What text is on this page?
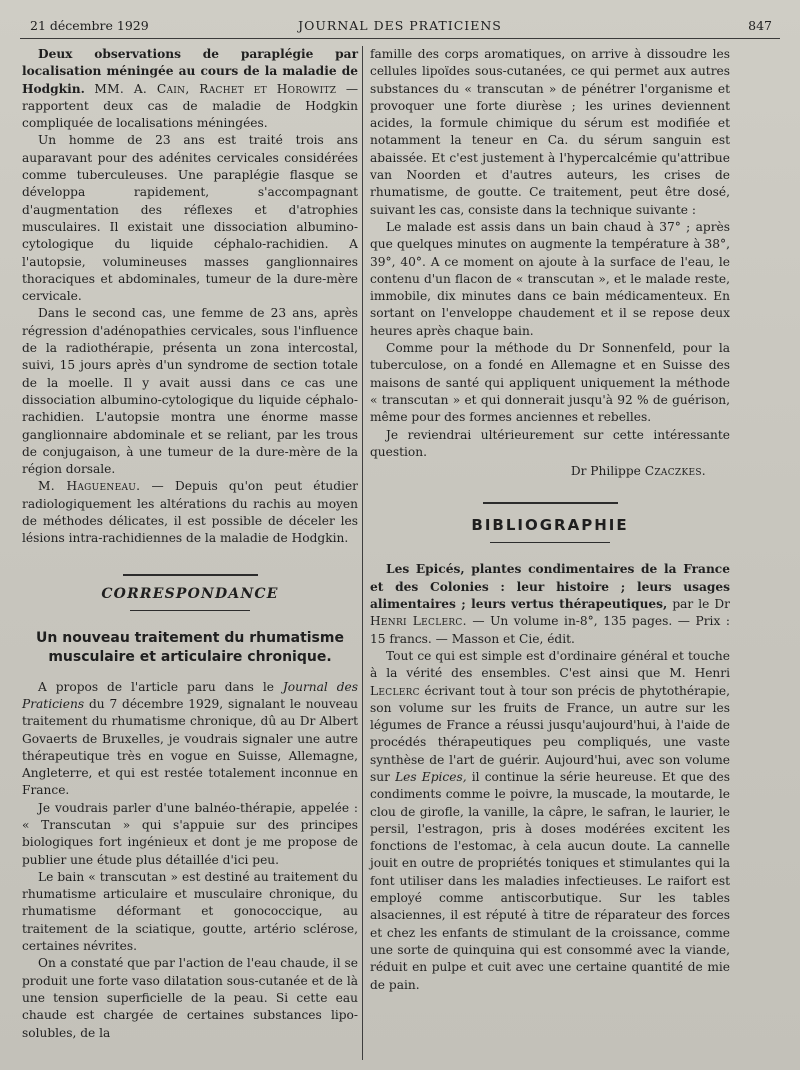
21 décembre 1929	JOURNAL DES PRATICIENS	847

Deux observations de paraplégie par localisation méningée au cours de la maladie de Hodgkin. MM. A. Cain, Rachet et Horowitz — rapportent deux cas de maladie de Hodgkin compliquée de localisations méningées.

Un homme de 23 ans est traité trois ans auparavant pour des adénites cervicales considérées comme tuberculeuses. Une paraplégie flasque se développa rapidement, s'accompagnant d'augmentation des réflexes et d'atrophies musculaires. Il existait une dissociation albumino-cytologique du liquide céphalo-rachidien. A l'autopsie, volumineuses masses ganglionnaires thoraciques et abdominales, tumeur de la dure-mère cervicale.

Dans le second cas, une femme de 23 ans, après régression d'adénopathies cervicales, sous l'influence de la radiothérapie, présenta un zona intercostal, suivi, 15 jours après d'un syndrome de section totale de la moelle. Il y avait aussi dans ce cas une dissociation albumino-cytologique du liquide céphalo-rachidien. L'autopsie montra une énorme masse ganglionnaire abdominale et se reliant, par les trous de conjugaison, à une tumeur de la dure-mère de la région dorsale.

M. Hagueneau. — Depuis qu'on peut étudier radiologiquement les altérations du rachis au moyen de méthodes délicates, il est possible de déceler les lésions intra-rachidiennes de la maladie de Hodgkin.

CORRESPONDANCE
Un nouveau traitement du rhumatisme musculaire et articulaire chronique.

A propos de l'article paru dans le Journal des Praticiens du 7 décembre 1929, signalant le nouveau traitement du rhumatisme chronique, dû au Dr Albert Govaerts de Bruxelles, je voudrais signaler une autre thérapeutique très en vogue en Suisse, Allemagne, Angleterre, et qui est restée totalement inconnue en France.

Je voudrais parler d'une balnéo-thérapie, appelée : « Transcutan » qui s'appuie sur des principes biologiques fort ingénieux et dont je me propose de publier une étude plus détaillée d'ici peu.

Le bain « transcutan » est destiné au traitement du rhumatisme articulaire et musculaire chronique, du rhumatisme déformant et gonococcique, au traitement de la sciatique, goutte, artério sclérose, certaines névrites.

On a constaté que par l'action de l'eau chaude, il se produit une forte vaso dilatation sous-cutanée et de là une tension superficielle de la peau. Si cette eau chaude est chargée de certaines substances lipo-solubles, de la

famille des corps aromatiques, on arrive à dissoudre les cellules lipoïdes sous-cutanées, ce qui permet aux autres substances du « transcutan » de pénétrer l'organisme et provoquer une forte diurèse ; les urines deviennent acides, la formule chimique du sérum est modifiée et notamment la teneur en Ca. du sérum sanguin est abaissée. Et c'est justement à l'hypercalcémie qu'attribue van Noorden et d'autres auteurs, les crises de rhumatisme, de goutte. Ce traitement, peut être dosé, suivant les cas, consiste dans la technique suivante :

Le malade est assis dans un bain chaud à 37° ; après que quelques minutes on augmente la température à 38°, 39°, 40°. A ce moment on ajoute à la surface de l'eau, le contenu d'un flacon de « transcutan », et le malade reste, immobile, dix minutes dans ce bain médicamenteux. En sortant on l'enveloppe chaudement et il se repose deux heures après chaque bain.

Comme pour la méthode du Dr Sonnenfeld, pour la tuberculose, on a fondé en Allemagne et en Suisse des maisons de santé qui appliquent uniquement la méthode « transcutan » et qui donnerait jusqu'à 92 % de guérison, même pour des formes anciennes et rebelles.

Je reviendrai ultérieurement sur cette intéressante question.

Dr Philippe Czaczkes.
BIBLIOGRAPHIE

Les Epicés, plantes condimentaires de la France et des Colonies : leur histoire ; leurs usages alimentaires ; leurs vertus thérapeutiques, par le Dr Henri Leclerc. — Un volume in-8°, 135 pages. — Prix : 15 francs. — Masson et Cie, édit.

Tout ce qui est simple est d'ordinaire général et touche à la vérité des ensembles. C'est ainsi que M. Henri Leclerc écrivant tout à tour son précis de phytothérapie, son volume sur les fruits de France, un autre sur les légumes de France a réussi jusqu'aujourd'hui, à l'aide de procédés thérapeutiques peu compliqués, une vaste synthèse de l'art de guérir. Aujourd'hui, avec son volume sur Les Epices, il continue la série heureuse. Et que des condiments comme le poivre, la muscade, la moutarde, le clou de girofle, la vanille, la câpre, le safran, le laurier, le persil, l'estragon, pris à doses modérées excitent les fonctions de l'estomac, à cela aucun doute. La cannelle jouit en outre de propriétés toniques et stimulantes qui la font utiliser dans les maladies infectieuses. Le raifort est employé comme antiscorbutique. Sur les tables alsaciennes, il est réputé à titre de réparateur des forces et chez les enfants de stimulant de la croissance, comme une sorte de quinquina qui est consommé avec la viande, réduit en pulpe et cuit avec une certaine quantité de mie de pain.
